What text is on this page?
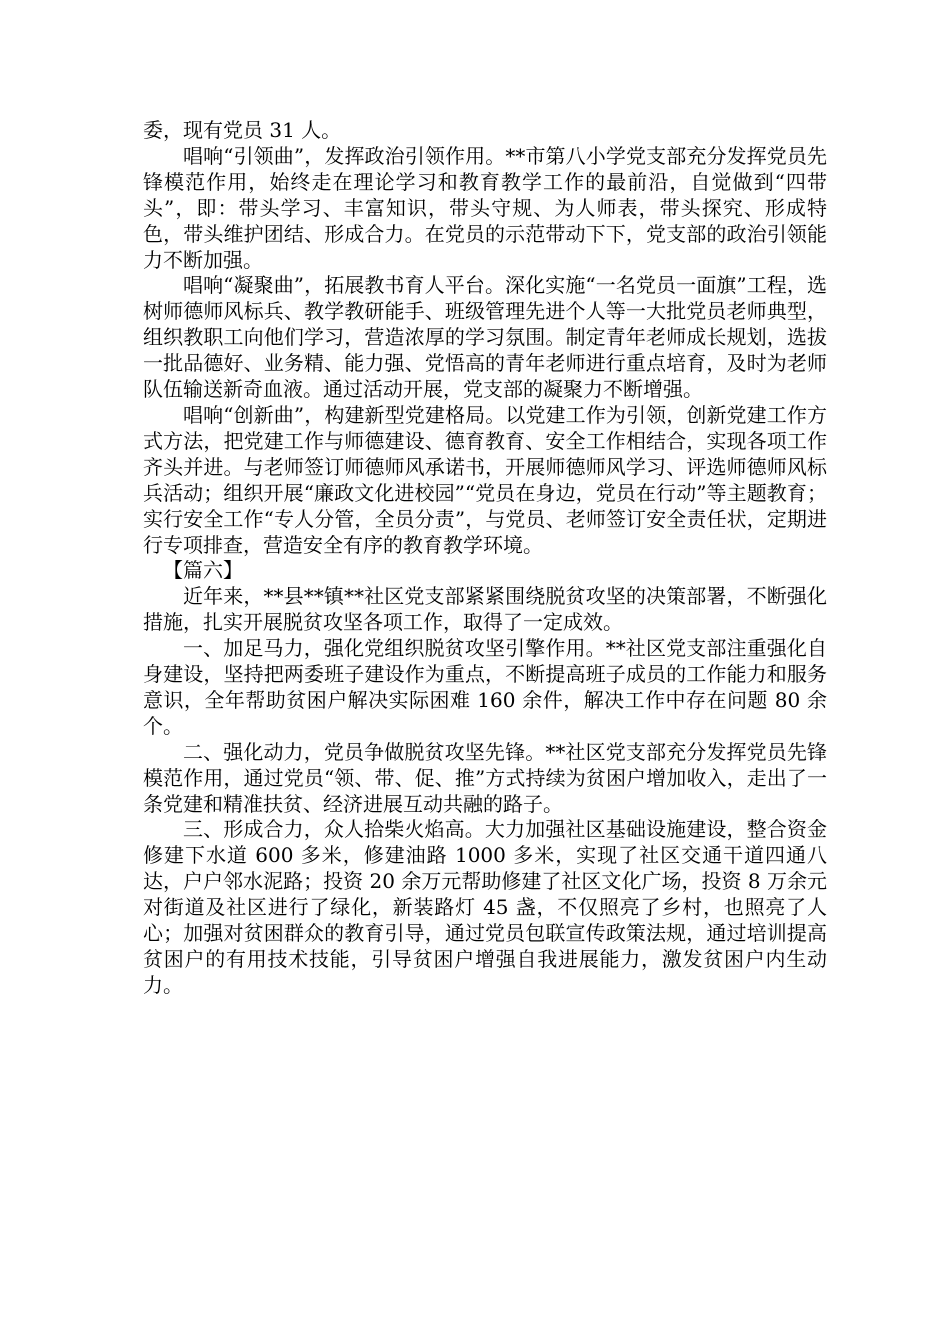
委，现有党员 31 人。

唱响“引领曲”，发挥政治引领作用。**市第八小学党支部充分发挥党员先锋模范作用，始终走在理论学习和教育教学工作的最前沿，自觉做到“四带头”，即：带头学习、丰富知识，带头守规、为人师表，带头探究、形成特色，带头维护团结、形成合力。在党员的示范带动下下，党支部的政治引领能力不断加强。

唱响“凝聚曲”，拓展教书育人平台。深化实施“一名党员一面旗”工程，选树师德师风标兵、教学教研能手、班级管理先进个人等一大批党员老师典型，组织教职工向他们学习，营造浓厚的学习氛围。制定青年老师成长规划，选拔一批品德好、业务精、能力强、党悟高的青年老师进行重点培育，及时为老师队伍输送新奇血液。通过活动开展，党支部的凝聚力不断增强。

唱响“创新曲”，构建新型党建格局。以党建工作为引领，创新党建工作方式方法，把党建工作与师德建设、德育教育、安全工作相结合，实现各项工作齐头并进。与老师签订师德师风承诺书，开展师德师风学习、评选师德师风标兵活动；组织开展“廉政文化进校园”“党员在身边，党员在行动”等主题教育；实行安全工作“专人分管，全员分责”，与党员、老师签订安全责任状，定期进行专项排查，营造安全有序的教育教学环境。

【篇六】

近年来，**县**镇**社区党支部紧紧围绕脱贫攻坚的决策部署，不断强化措施，扎实开展脱贫攻坚各项工作，取得了一定成效。

一、加足马力，强化党组织脱贫攻坚引擎作用。**社区党支部注重强化自身建设，坚持把两委班子建设作为重点，不断提高班子成员的工作能力和服务意识，全年帮助贫困户解决实际困难 160 余件，解决工作中存在问题 80 余个。

二、强化动力，党员争做脱贫攻坚先锋。**社区党支部充分发挥党员先锋模范作用，通过党员“领、带、促、推”方式持续为贫困户增加收入，走出了一条党建和精准扶贫、经济进展互动共融的路子。

三、形成合力，众人拾柴火焰高。大力加强社区基础设施建设，整合资金修建下水道 600 多米，修建油路 1000 多米，实现了社区交通干道四通八达，户户邻水泥路；投资 20 余万元帮助修建了社区文化广场，投资 8 万余元对街道及社区进行了绿化，新装路灯 45 盏，不仅照亮了乡村，也照亮了人心；加强对贫困群众的教育引导，通过党员包联宣传政策法规，通过培训提高贫困户的有用技术技能，引导贫困户增强自我进展能力，激发贫困户内生动力。
